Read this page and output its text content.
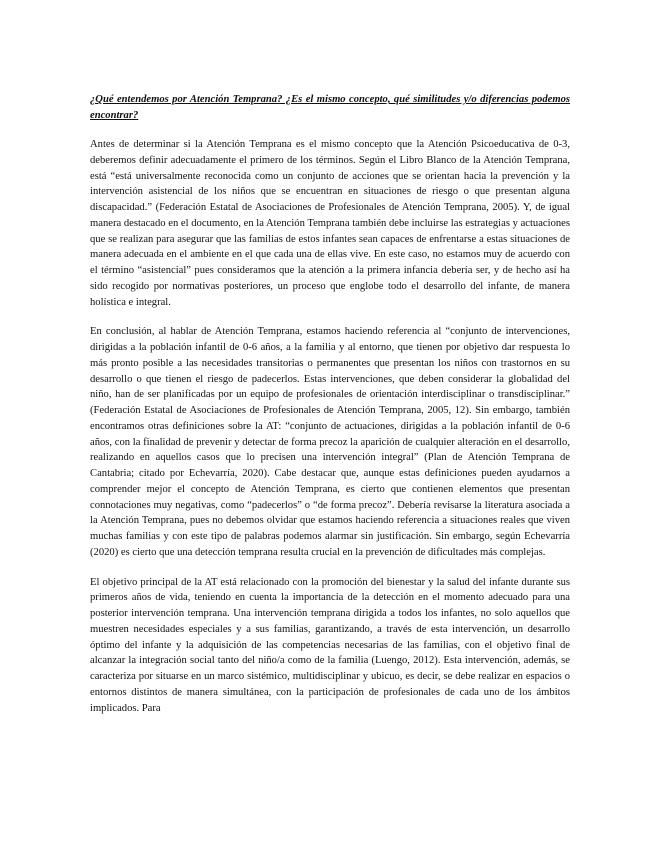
¿Qué entendemos por Atención Temprana? ¿Es el mismo concepto, qué similitudes y/o diferencias podemos encontrar?

Antes de determinar si la Atención Temprana es el mismo concepto que la Atención Psicoeducativa de 0-3, deberemos definir adecuadamente el primero de los términos. Según el Libro Blanco de la Atención Temprana, está “está universalmente reconocida como un conjunto de acciones que se orientan hacia la prevención y la intervención asistencial de los niños que se encuentran en situaciones de riesgo o que presentan alguna discapacidad.” (Federación Estatal de Asociaciones de Profesionales de Atención Temprana, 2005). Y, de igual manera destacado en el documento, en la Atención Temprana también debe incluirse las estrategias y actuaciones que se realizan para asegurar que las familias de estos infantes sean capaces de enfrentarse a estas situaciones de manera adecuada en el ambiente en el que cada una de ellas vive. En este caso, no estamos muy de acuerdo con el término “asistencial” pues consideramos que la atención a la primera infancia debería ser, y de hecho así ha sido recogido por normativas posteriores, un proceso que englobe todo el desarrollo del infante, de manera holística e integral.

En conclusión, al hablar de Atención Temprana, estamos haciendo referencia al “conjunto de intervenciones, dirigidas a la población infantil de 0-6 años, a la familia y al entorno, que tienen por objetivo dar respuesta lo más pronto posible a las necesidades transitorias o permanentes que presentan los niños con trastornos en su desarrollo o que tienen el riesgo de padecerlos. Estas intervenciones, que deben considerar la globalidad del niño, han de ser planificadas por un equipo de profesionales de orientación interdisciplinar o transdisciplinar.” (Federación Estatal de Asociaciones de Profesionales de Atención Temprana, 2005, 12). Sin embargo, también encontramos otras definiciones sobre la AT: “conjunto de actuaciones, dirigidas a la población infantil de 0-6 años, con la finalidad de prevenir y detectar de forma precoz la aparición de cualquier alteración en el desarrollo, realizando en aquellos casos que lo precisen una intervención integral” (Plan de Atención Temprana de Cantabria; citado por Echevarría, 2020). Cabe destacar que, aunque estas definiciones pueden ayudarnos a comprender mejor el concepto de Atención Temprana, es cierto que contienen elementos que presentan connotaciones muy negativas, como “padecerlos” o “de forma precoz”. Debería revisarse la literatura asociada a la Atención Temprana, pues no debemos olvidar que estamos haciendo referencia a situaciones reales que viven muchas familias y con este tipo de palabras podemos alarmar sin justificación. Sin embargo, según Echevarría (2020) es cierto que una detección temprana resulta crucial en la prevención de dificultades más complejas.

El objetivo principal de la AT está relacionado con la promoción del bienestar y la salud del infante durante sus primeros años de vida, teniendo en cuenta la importancia de la detección en el momento adecuado para una posterior intervención temprana. Una intervención temprana dirigida a todos los infantes, no solo aquellos que muestren necesidades especiales y a sus familias, garantizando, a través de esta intervención, un desarrollo óptimo del infante y la adquisición de las competencias necesarias de las familias, con el objetivo final de alcanzar la integración social tanto del niño/a como de la familia (Luengo, 2012). Esta intervención, además, se caracteriza por situarse en un marco sistémico, multidisciplinar y ubicuo, es decir, se debe realizar en espacios o entornos distintos de manera simultánea, con la participación de profesionales de cada uno de los ámbitos implicados. Para
